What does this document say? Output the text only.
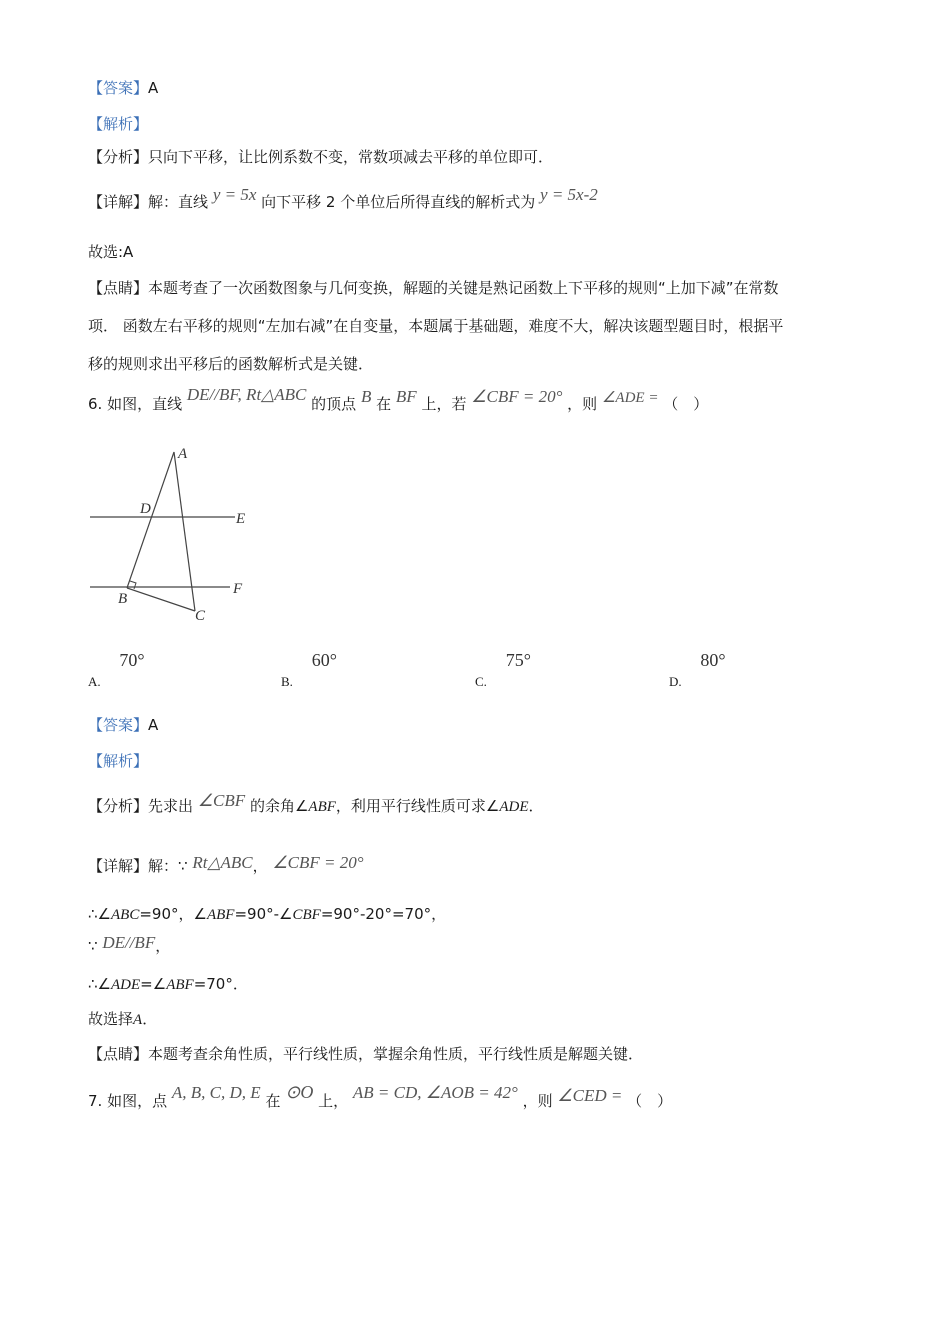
【答案】A
【解析】
【分析】只向下平移，让比例系数不变，常数项减去平移的单位即可．
【详解】解：直线 y = 5x 向下平移 2 个单位后所得直线的解析式为 y = 5x-2
故选:A
【点睛】本题考查了一次函数图象与几何变换，解题的关键是熟记函数上下平移的规则“上加下减”在常数
项． 函数左右平移的规则“左加右减”在自变量，本题属于基础题，难度不大，解决该题型题目时，根据平
移的规则求出平移后的函数解析式是关键．
6. 如图，直线 DE//BF, Rt△ABC 的顶点 B 在 BF 上，若 ∠CBF = 20° ，则 ∠ADE = （　）
A
D
E
B
F
C
A. 70°
B. 60°
C. 75°
D. 80°
【答案】A
【解析】
【分析】先求出 ∠CBF 的余角∠ABF，利用平行线性质可求∠ADE．
【详解】解：∵ Rt△ABC， ∠CBF = 20°
∴∠ABC=90°，∠ABF=90°-∠CBF=90°-20°=70°，
∵ DE//BF，
∴∠ADE=∠ABF=70°．
故选择A．
【点睛】本题考查余角性质，平行线性质，掌握余角性质，平行线性质是解题关键．
7. 如图，点 A, B, C, D, E 在 ⊙O 上， AB = CD, ∠AOB = 42° ，则 ∠CED = （　）
